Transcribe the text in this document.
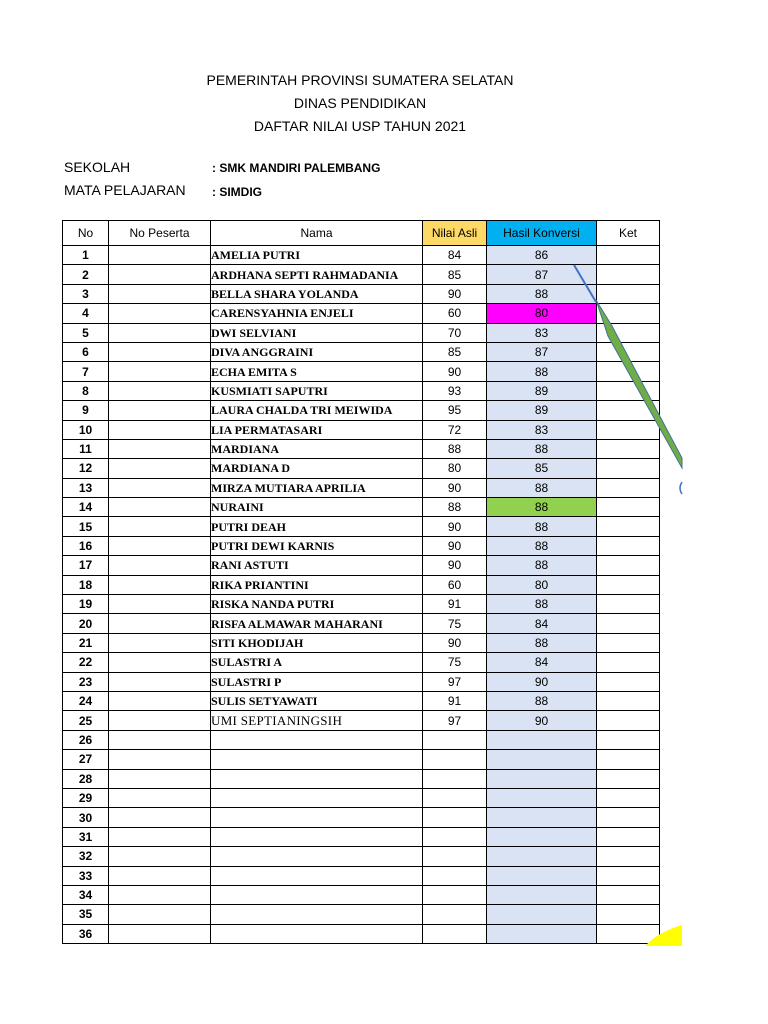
PEMERINTAH PROVINSI SUMATERA SELATAN
DINAS PENDIDIKAN
DAFTAR NILAI USP TAHUN 2021
SEKOLAH	: SMK MANDIRI PALEMBANG
MATA PELAJARAN : SIMDIG
No	No Peserta	Nama	Nilai Asli	Hasil Konversi	Ket
1		AMELIA PUTRI	84	86	
2		ARDHANA SEPTI RAHMADANIA	85	87	
3		BELLA SHARA YOLANDA	90	88	
4		CARENSYAHNIA ENJELI	60	80	
5		DWI SELVIANI	70	83	
6		DIVA ANGGRAINI	85	87	
7		ECHA EMITA S	90	88	
8		KUSMIATI SAPUTRI	93	89	
9		LAURA CHALDA TRI MEIWIDA	95	89	
10		LIA PERMATASARI	72	83	
11		MARDIANA	88	88	
12		MARDIANA D	80	85	
13		MIRZA MUTIARA APRILIA	90	88	
14		NURAINI	88	88	
15		PUTRI DEAH	90	88	
16		PUTRI DEWI KARNIS	90	88	
17		RANI ASTUTI	90	88	
18		RIKA PRIANTINI	60	80	
19		RISKA NANDA PUTRI	91	88	
20		RISFA ALMAWAR MAHARANI	75	84	
21		SITI KHODIJAH	90	88	
22		SULASTRI A	75	84	
23		SULASTRI P	97	90	
24		SULIS SETYAWATI	91	88	
25		UMI SEPTIANINGSIH	97	90	
26					
27					
28					
29					
30					
31					
32					
33					
34					
35					
36					
